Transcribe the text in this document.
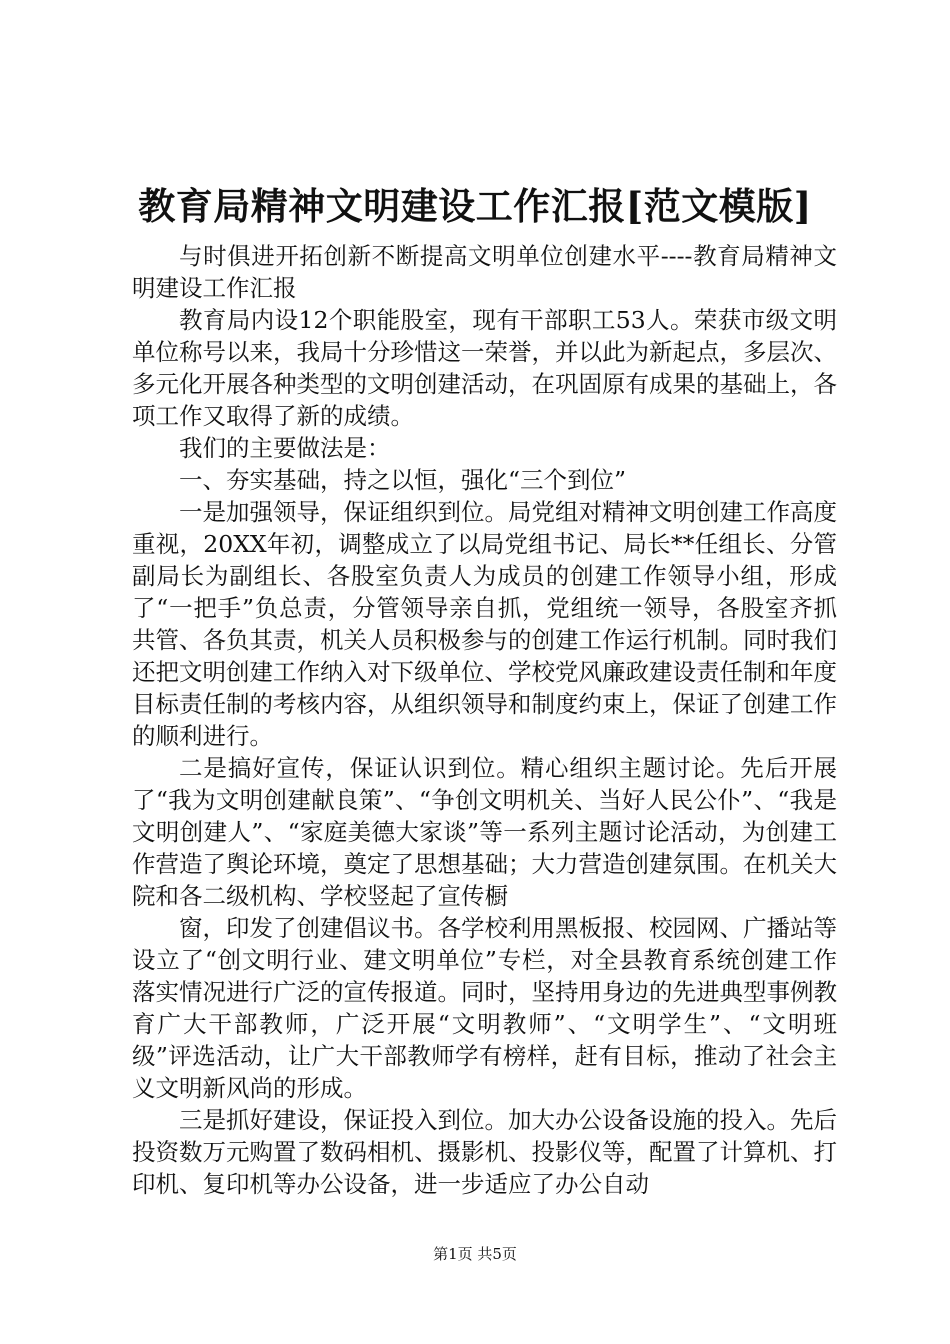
教育局精神文明建设工作汇报[范文模版]

与时俱进开拓创新不断提高文明单位创建水平----教育局精神文明建设工作汇报

教育局内设12个职能股室，现有干部职工53人。荣获市级文明单位称号以来，我局十分珍惜这一荣誉，并以此为新起点，多层次、多元化开展各种类型的文明创建活动，在巩固原有成果的基础上，各项工作又取得了新的成绩。

我们的主要做法是：

一、夯实基础，持之以恒，强化“三个到位”

一是加强领导，保证组织到位。局党组对精神文明创建工作高度重视，20XX年初，调整成立了以局党组书记、局长**任组长、分管副局长为副组长、各股室负责人为成员的创建工作领导小组，形成了“一把手”负总责，分管领导亲自抓，党组统一领导，各股室齐抓共管、各负其责，机关人员积极参与的创建工作运行机制。同时我们还把文明创建工作纳入对下级单位、学校党风廉政建设责任制和年度目标责任制的考核内容，从组织领导和制度约束上，保证了创建工作的顺利进行。

二是搞好宣传，保证认识到位。精心组织主题讨论。先后开展了“我为文明创建献良策”、“争创文明机关、当好人民公仆”、“我是文明创建人”、“家庭美德大家谈”等一系列主题讨论活动，为创建工作营造了舆论环境，奠定了思想基础；大力营造创建氛围。在机关大院和各二级机构、学校竖起了宣传橱

窗，印发了创建倡议书。各学校利用黑板报、校园网、广播站等设立了“创文明行业、建文明单位”专栏，对全县教育系统创建工作落实情况进行广泛的宣传报道。同时，坚持用身边的先进典型事例教育广大干部教师，广泛开展“文明教师”、“文明学生”、“文明班级”评选活动，让广大干部教师学有榜样，赶有目标，推动了社会主义文明新风尚的形成。

三是抓好建设，保证投入到位。加大办公设备设施的投入。先后投资数万元购置了数码相机、摄影机、投影仪等，配置了计算机、打印机、复印机等办公设备，进一步适应了办公自动

第1页 共5页
